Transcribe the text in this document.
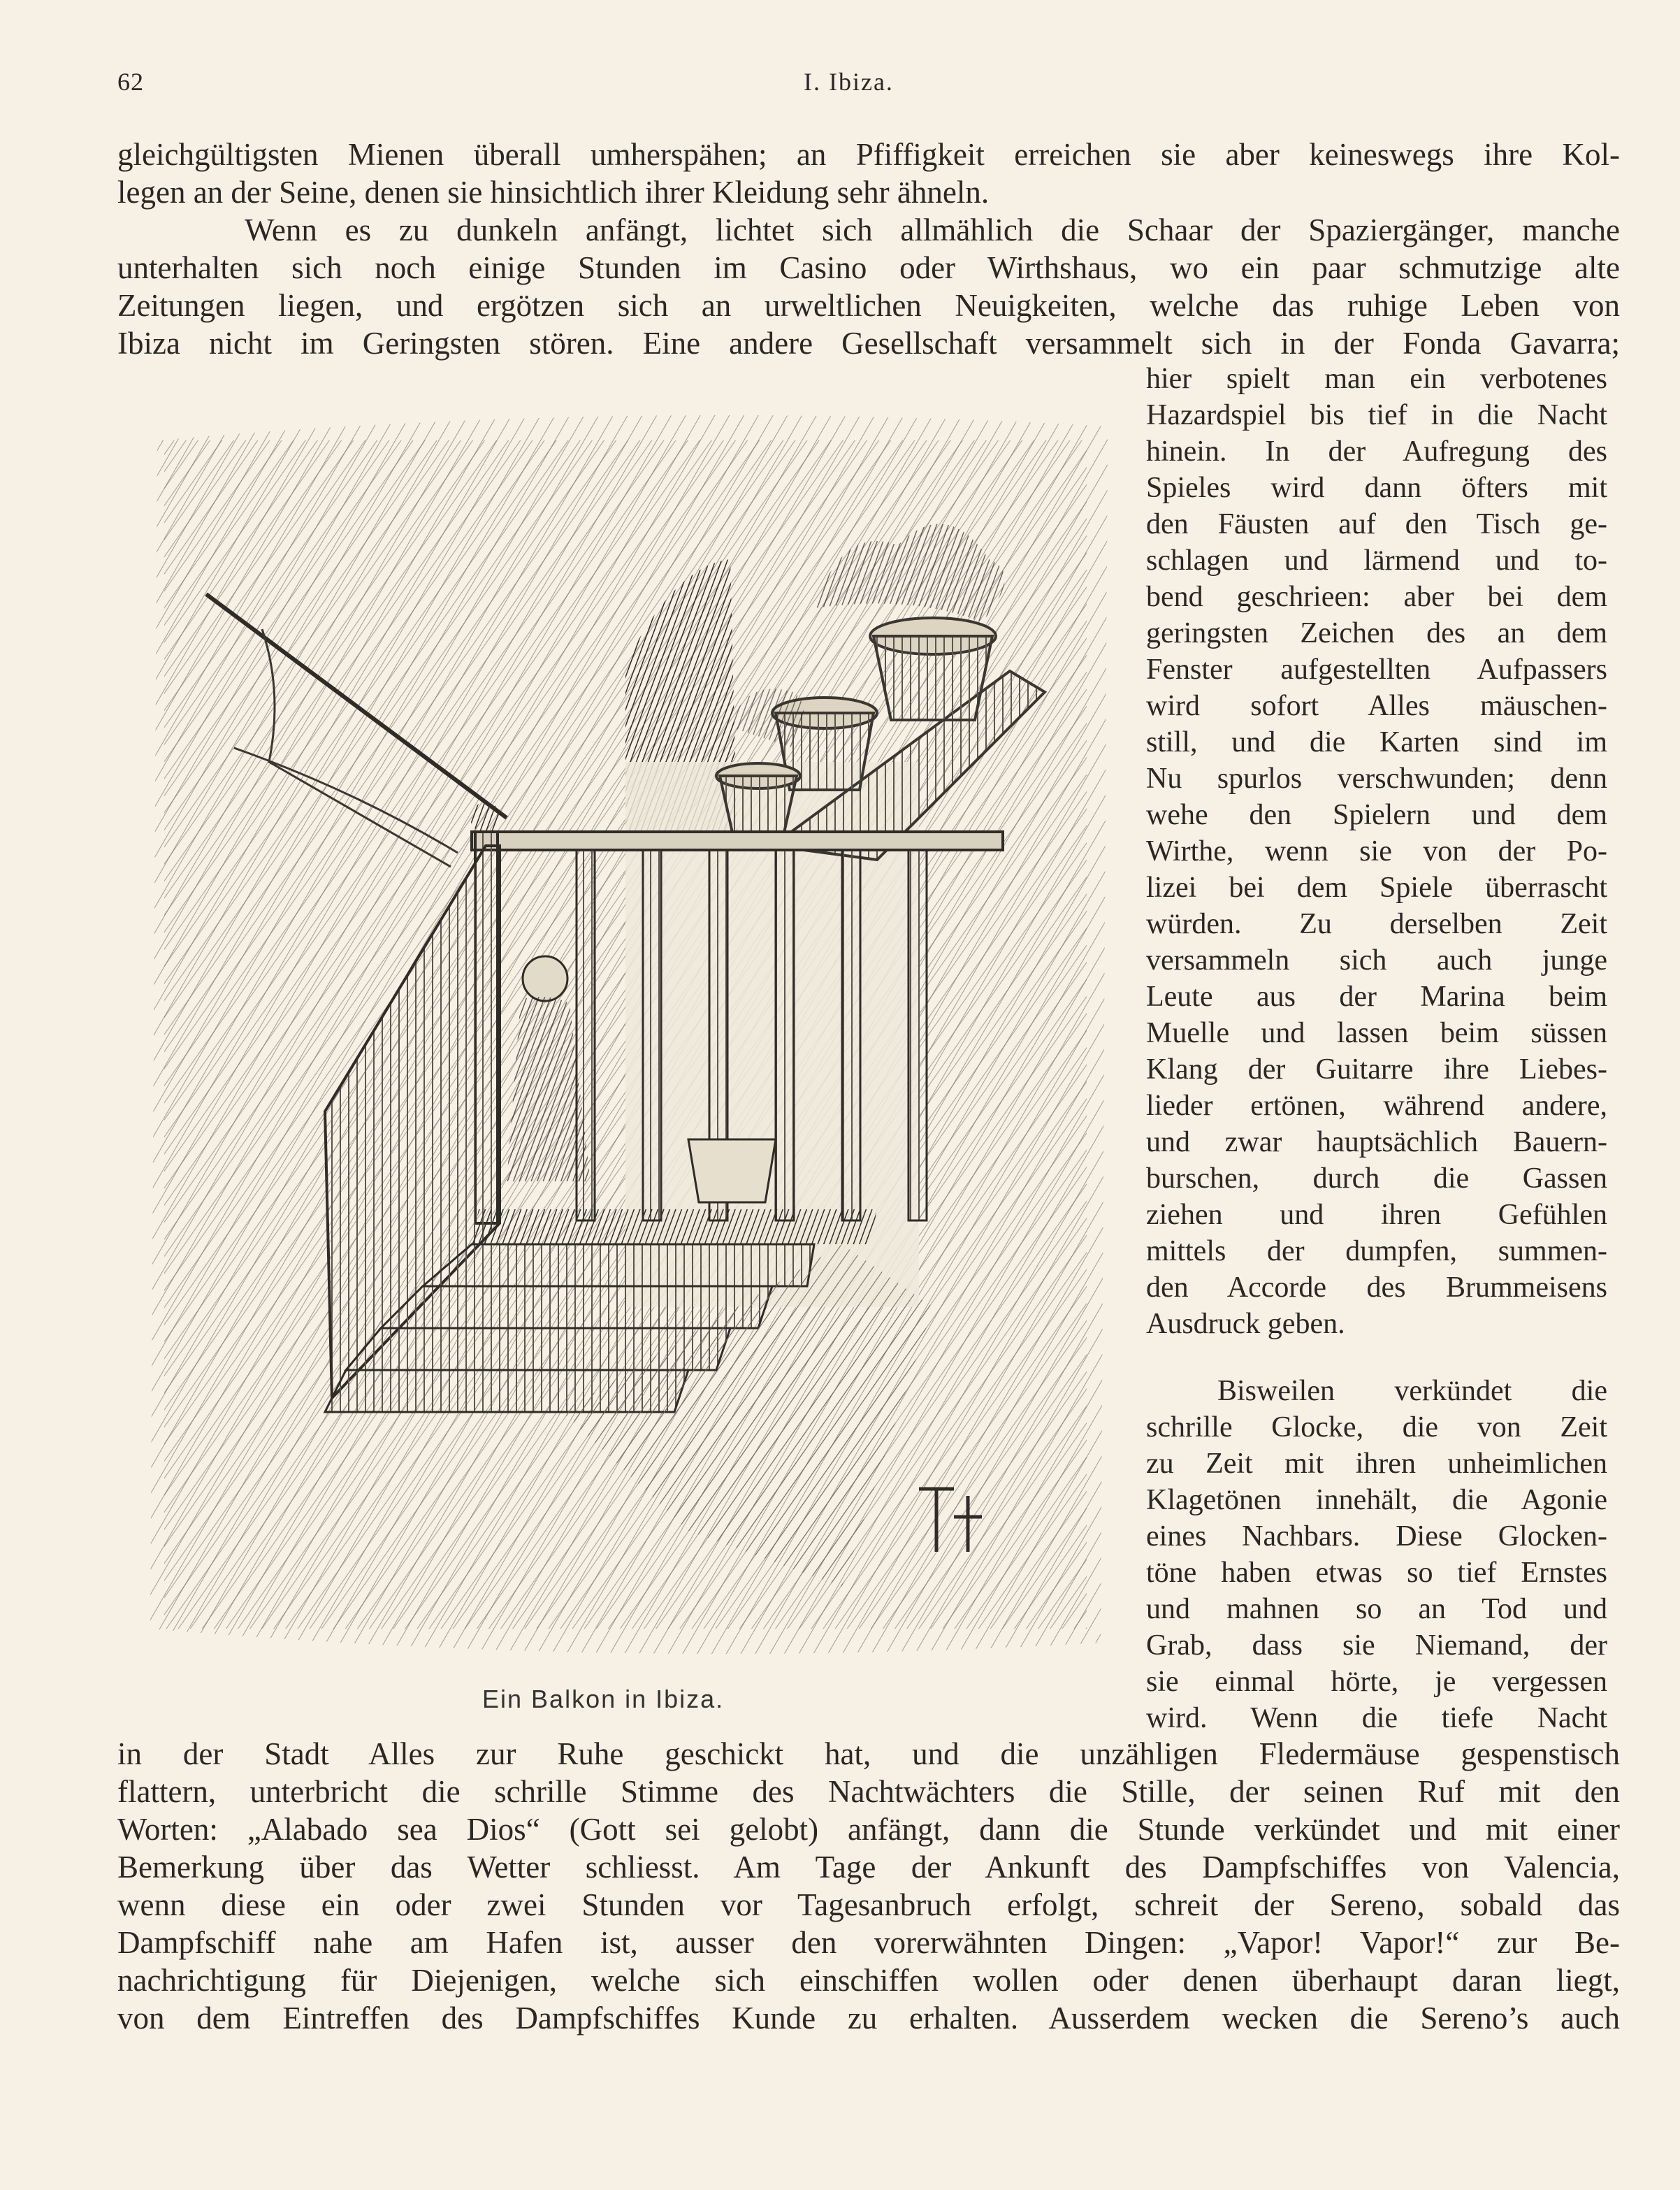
62	I. Ibiza.
gleichgültigsten Mienen überall umherspähen; an Pfiffigkeit erreichen sie aber keineswegs ihre Kol-
legen an der Seine, denen sie hinsichtlich ihrer Kleidung sehr ähneln.
Wenn es zu dunkeln anfängt, lichtet sich allmählich die Schaar der Spaziergänger, manche
unterhalten sich noch einige Stunden im Casino oder Wirthshaus, wo ein paar schmutzige alte
Zeitungen liegen, und ergötzen sich an urweltlichen Neuigkeiten, welche das ruhige Leben von
Ibiza nicht im Geringsten stören. Eine andere Gesellschaft versammelt sich in der Fonda Gavarra;
hier spielt man ein verbotenes
Hazardspiel bis tief in die Nacht
hinein. In der Aufregung des
Spieles wird dann öfters mit
den Fäusten auf den Tisch ge-
schlagen und lärmend und to-
bend geschrieen: aber bei dem
geringsten Zeichen des an dem
Fenster aufgestellten Aufpassers
wird sofort Alles mäuschen-
still, und die Karten sind im
Nu spurlos verschwunden; denn
wehe den Spielern und dem
Wirthe, wenn sie von der Po-
lizei bei dem Spiele überrascht
würden. Zu derselben Zeit
versammeln sich auch junge
Leute aus der Marina beim
Muelle und lassen beim süssen
Klang der Guitarre ihre Liebes-
lieder ertönen, während andere,
und zwar hauptsächlich Bauern-
burschen, durch die Gassen
ziehen und ihren Gefühlen
mittels der dumpfen, summen-
den Accorde des Brummeisens
Ausdruck geben.
Bisweilen verkündet die
schrille Glocke, die von Zeit
zu Zeit mit ihren unheimlichen
Klagetönen innehält, die Agonie
eines Nachbars. Diese Glocken-
töne haben etwas so tief Ernstes
und mahnen so an Tod und
Grab, dass sie Niemand, der
sie einmal hörte, je vergessen
wird. Wenn die tiefe Nacht
Ein Balkon in Ibiza.
in der Stadt Alles zur Ruhe geschickt hat, und die unzähligen Fledermäuse gespenstisch
flattern, unterbricht die schrille Stimme des Nachtwächters die Stille, der seinen Ruf mit den
Worten: „Alabado sea Dios“ (Gott sei gelobt) anfängt, dann die Stunde verkündet und mit einer
Bemerkung über das Wetter schliesst. Am Tage der Ankunft des Dampfschiffes von Valencia,
wenn diese ein oder zwei Stunden vor Tagesanbruch erfolgt, schreit der Sereno, sobald das
Dampfschiff nahe am Hafen ist, ausser den vorerwähnten Dingen: „Vapor! Vapor!“ zur Be-
nachrichtigung für Diejenigen, welche sich einschiffen wollen oder denen überhaupt daran liegt,
von dem Eintreffen des Dampfschiffes Kunde zu erhalten. Ausserdem wecken die Sereno’s auch
